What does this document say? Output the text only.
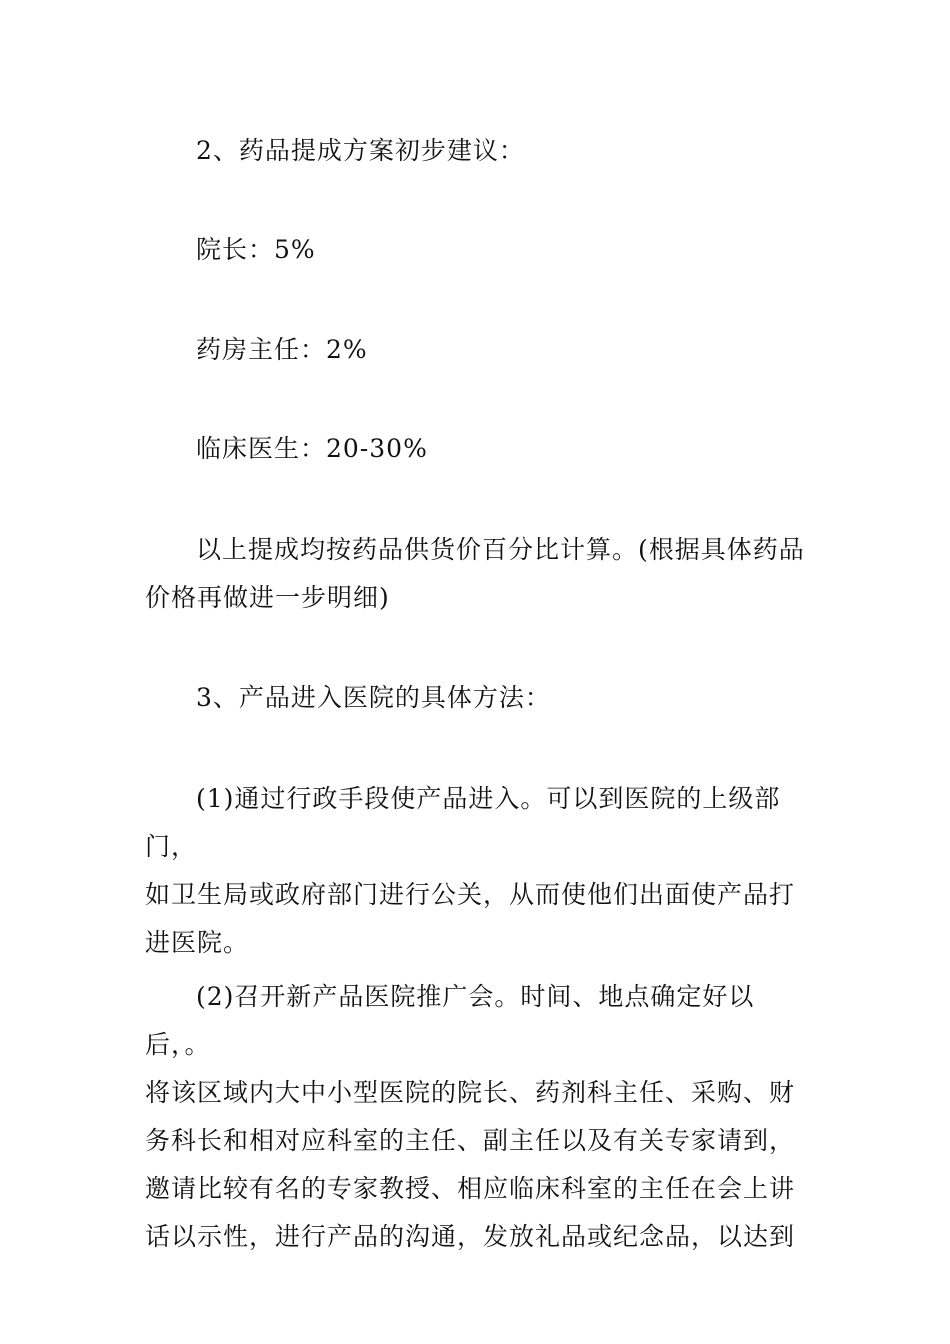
2、药品提成方案初步建议：

院长：5%

药房主任：2%

临床医生：20-30%

以上提成均按药品供货价百分比计算。(根据具体药品
价格再做进一步明细)

3、产品进入医院的具体方法：

(1)通过行政手段使产品进入。可以到医院的上级部门，
如卫生局或政府部门进行公关，从而使他们出面使产品打
进医院。

(2)召开新产品医院推广会。时间、地点确定好以后，。
将该区域内大中小型医院的院长、药剂科主任、采购、财
务科长和相对应科室的主任、副主任以及有关专家请到，
邀请比较有名的专家教授、相应临床科室的主任在会上讲
话以示性，进行产品的沟通，发放礼品或纪念品，以达到
